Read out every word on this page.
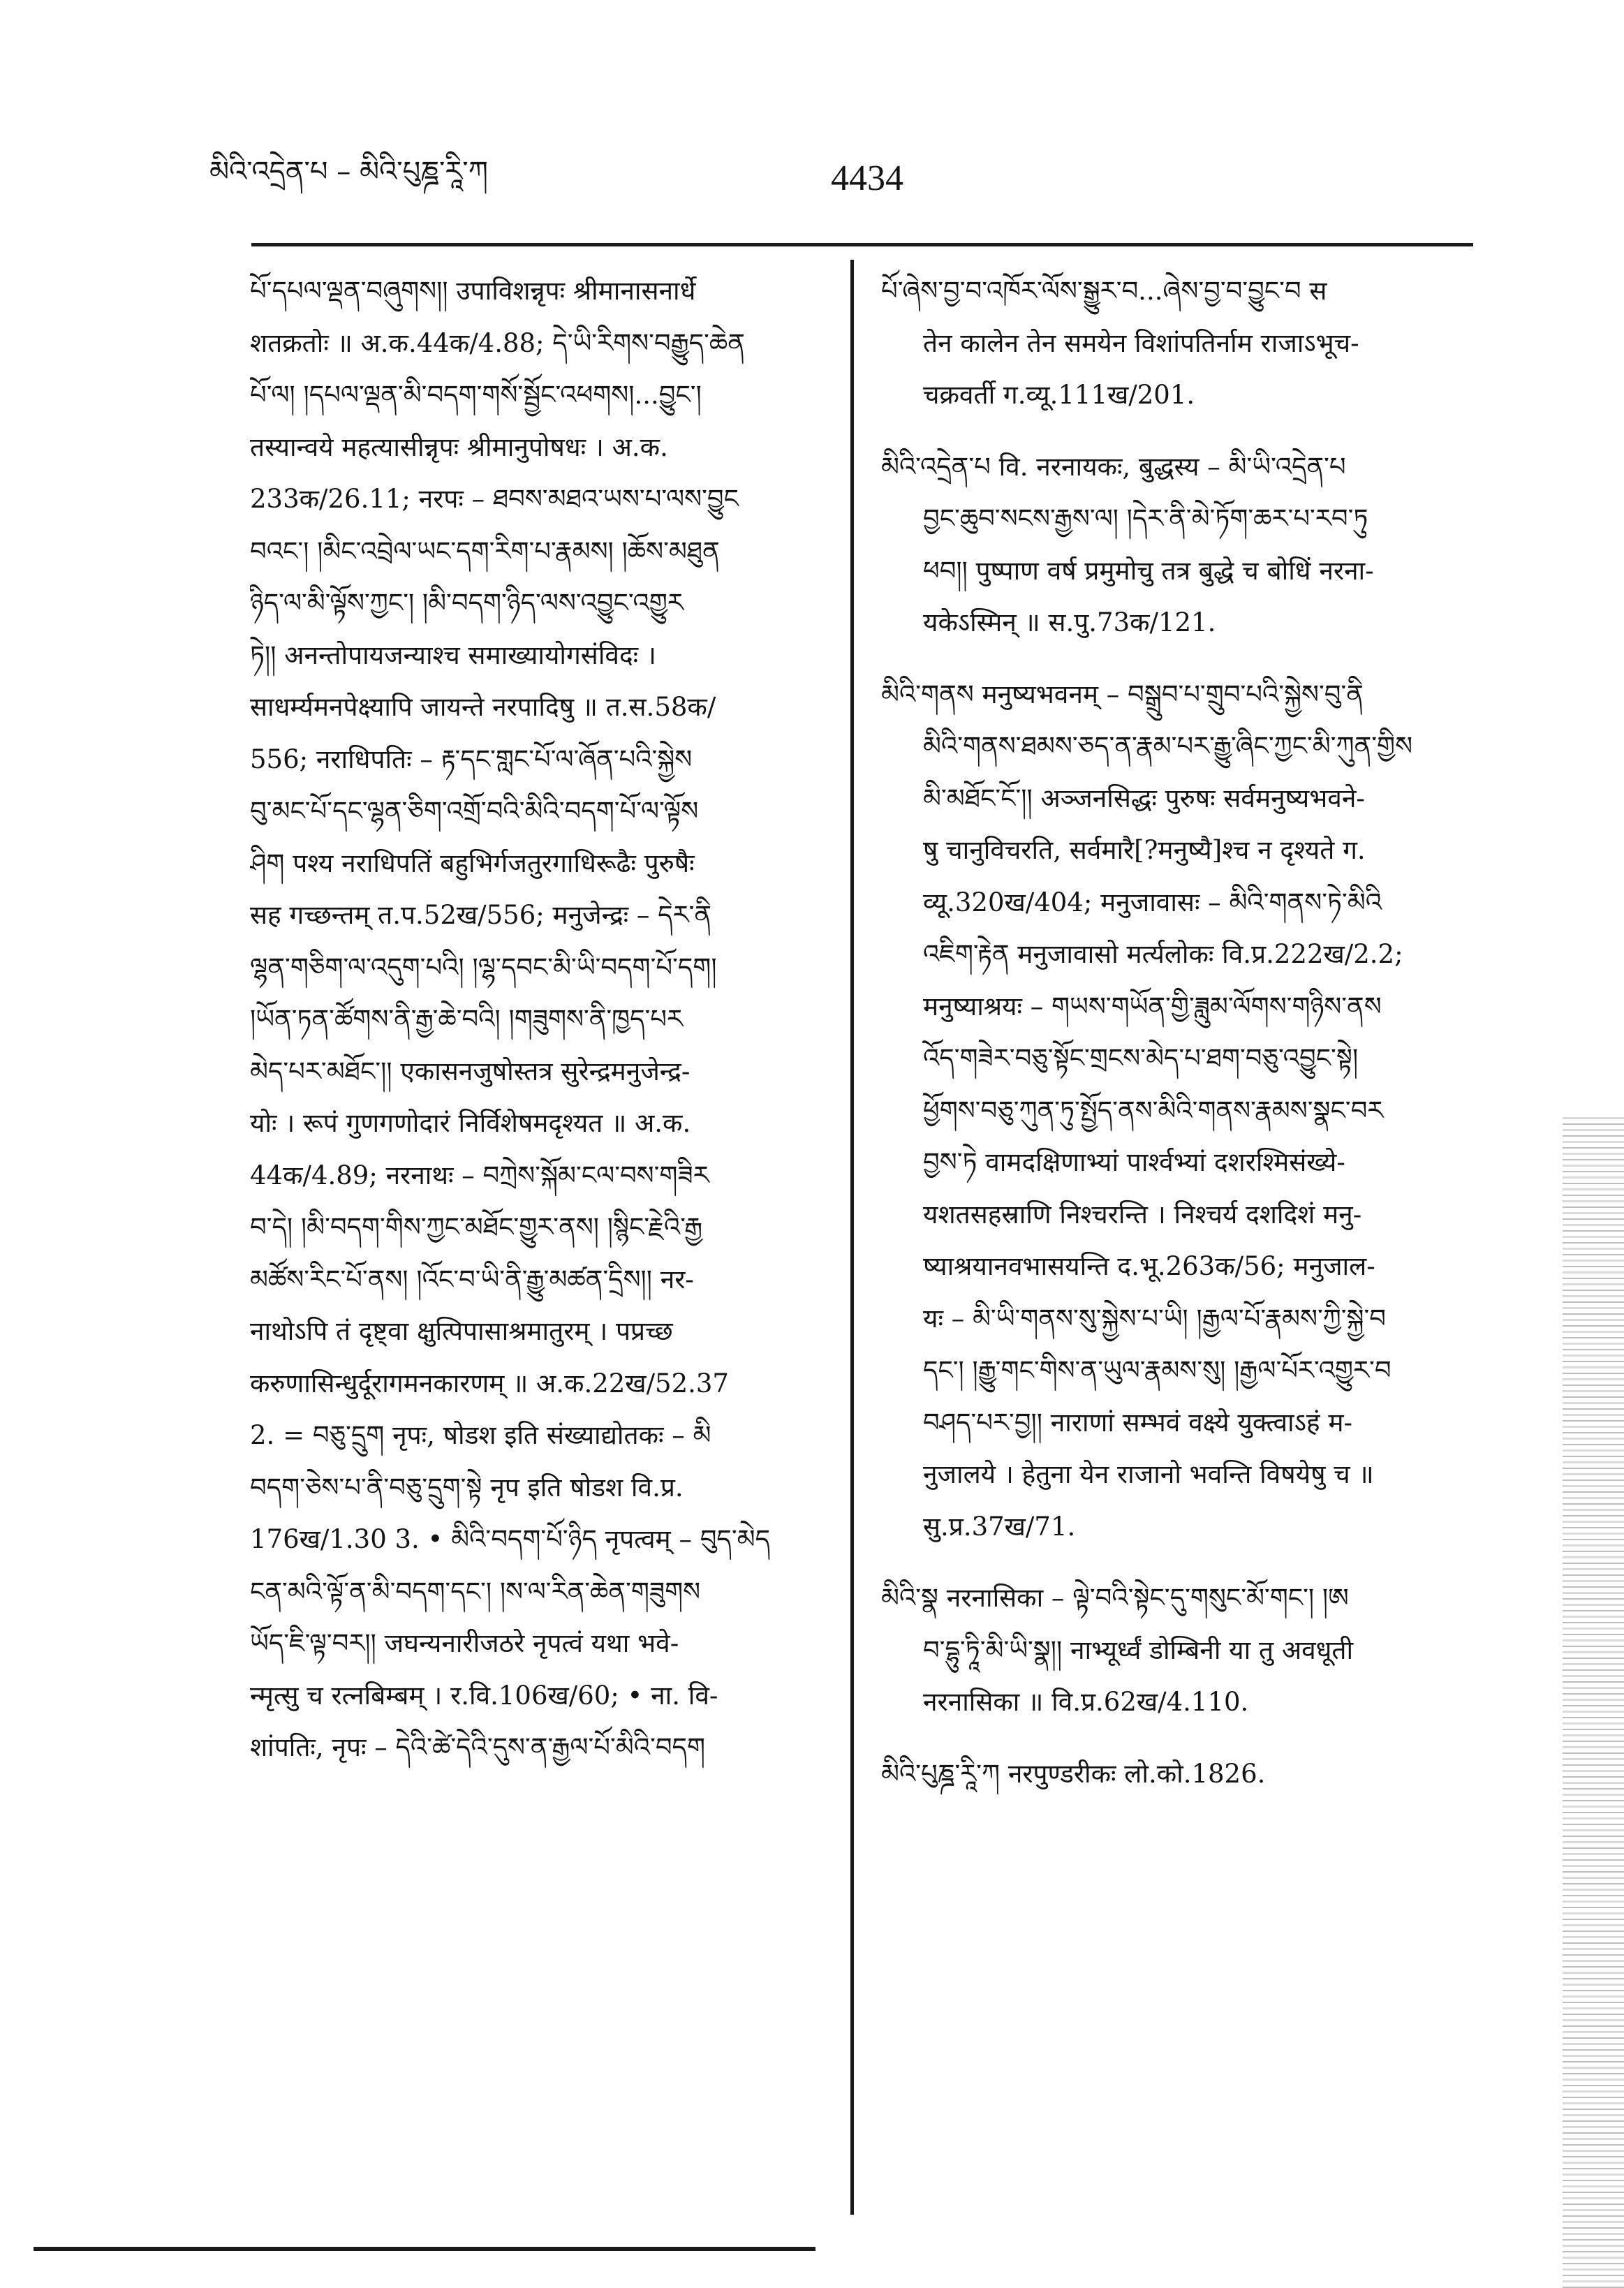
མིའི་འདྲེན་པ – མིའི་པུཎྜ་རཱི་ཀ	4434
པོ་དཔལ་ལྡན་བཞུགས།། उपाविशन्नृपः श्रीमानासनार्धे
शतक्रतोः ॥ अ.क.44क/4.88; དེ་ཡི་རིགས་བརྒྱུད་ཆེན
པོ་ལ། །དཔལ་ལྡན་མི་བདག་གསོ་སྦྱོང་འཕགས།...བྱུང་།
तस्यान्वये महत्यासीन्नृपः श्रीमानुपोषधः । अ.क.
233क/26.11; नरपः – ཐབས་མཐའ་ཡས་པ་ལས་བྱུང
བའང་། །མིང་འབྲེལ་ཡང་དག་རིག་པ་རྣམས། །ཆོས་མཐུན
ཉིད་ལ་མི་ལྟོས་ཀྱང་། །མི་བདག་ཉིད་ལས་འབྱུང་འགྱུར
ཏེ།། अनन्तोपायजन्याश्च समाख्यायोगसंविदः ।
साधर्म्यमनपेक्ष्यापि जायन्ते नरपादिषु ॥ त.स.58क/
556; नराधिपतिः – རྟ་དང་གླང་པོ་ལ་ཞོན་པའི་སྐྱེས
བུ་མང་པོ་དང་ལྷན་ཅིག་འགྲོ་བའི་མིའི་བདག་པོ་ལ་ལྟོས
ཤིག पश्य नराधिपतिं बहुभिर्गजतुरगाधिरूढैः पुरुषैः
सह गच्छन्तम् त.प.52ख/556; मनुजेन्द्रः – དེར་ནི
ལྷན་གཅིག་ལ་འདུག་པའི། །ལྷ་དབང་མི་ཡི་བདག་པོ་དག།
།ཡོན་ཏན་ཚོགས་ནི་རྒྱ་ཆེ་བའི། །གཟུགས་ནི་ཁྱད་པར
མེད་པར་མཐོང་།། एकासनजुषोस्तत्र सुरेन्द्रमनुजेन्द्र-
योः । रूपं गुणगणोदारं निर्विशेषमदृश्यत ॥ अ.क.
44क/4.89; नरनाथः – བཀྲེས་སྐོམ་ངལ་བས་གཟིར
བ་དེ། །མི་བདག་གིས་ཀྱང་མཐོང་གྱུར་ནས། །སྙིང་རྗེའི་རྒྱ
མཚོས་རིང་པོ་ནས། །འོང་བ་ཡི་ནི་རྒྱུ་མཚན་དྲིས།། नर-
नाथोऽपि तं दृष्ट्वा क्षुत्पिपासाश्रमातुरम् । पप्रच्छ
करुणासिन्धुर्दूरागमनकारणम् ॥ अ.क.22ख/52.37
2. = བཅུ་དྲུག नृपः, षोडश इति संख्याद्योतकः – མི
བདག་ཅེས་པ་ནི་བཅུ་དྲུག་སྟེ नृप इति षोडश वि.प्र.
176ख/1.30 3. • མིའི་བདག་པོ་ཉིད नृपत्वम् – བུད་མེད
ངན་མའི་ལྟོ་ན་མི་བདག་དང་། །ས་ལ་རིན་ཆེན་གཟུགས
ཡོད་ཇི་ལྟ་བར།། जघन्यनारीजठरे नृपत्वं यथा भवे-
न्मृत्सु च रत्नबिम्बम् । र.वि.106ख/60; • ना. वि-
शांपतिः, नृपः – དེའི་ཚེ་དེའི་དུས་ན་རྒྱལ་པོ་མིའི་བདག

པོ་ཞེས་བྱ་བ་འཁོར་ལོས་སྒྱུར་བ...ཞེས་བྱ་བ་བྱུང་བ स
तेन कालेन तेन समयेन विशांपतिर्नाम राजाऽभूच-
चक्रवर्ती ग.व्यू.111ख/201.

མིའི་འདྲེན་པ वि. नरनायकः, बुद्धस्य – མི་ཡི་འདྲེན་པ
བྱང་ཆུབ་སངས་རྒྱས་ལ། །དེར་ནི་མེ་ཏོག་ཆར་པ་རབ་ཏུ
ཕབ།། पुष्पाण वर्ष प्रमुमोचु तत्र बुद्धे च बोधिं नरना-
यकेऽस्मिन् ॥ स.पु.73क/121.

མིའི་གནས मनुष्यभवनम् – བསྒྲུབ་པ་གྲུབ་པའི་སྐྱེས་བུ་ནི
མིའི་གནས་ཐམས་ཅད་ན་རྣམ་པར་རྒྱུ་ཞིང་ཀྱང་མི་ཀུན་གྱིས
མི་མཐོང་ངོ་།། अञ्जनसिद्धः पुरुषः सर्वमनुष्यभवने-
षु चानुविचरति, सर्वमारै[?मनुष्यै]श्च न दृश्यते ग.
व्यू.320ख/404; मनुजावासः – མིའི་གནས་ཏེ་མིའི
འཇིག་རྟེན मनुजावासो मर्त्यलोकः वि.प्र.222ख/2.2;
मनुष्याश्रयः – གཡས་གཡོན་གྱི་ཟླུམ་ལོགས་གཉིས་ནས
འོད་གཟེར་བཅུ་སྟོང་གྲངས་མེད་པ་ཐག་བཅུ་འབྱུང་སྟེ།
ཕྱོགས་བཅུ་ཀུན་ཏུ་སྤྱོད་ནས་མིའི་གནས་རྣམས་སྣང་བར
བྱས་ཏེ वामदक्षिणाभ्यां पार्श्वभ्यां दशरश्मिसंख्ये-
यशतसहस्राणि निश्चरन्ति । निश्चर्य दशदिशं मनु-
ष्याश्रयानवभासयन्ति द.भू.263क/56; मनुजाल-
यः – མི་ཡི་གནས་སུ་སྐྱེས་པ་ཡི། །རྒྱལ་པོ་རྣམས་ཀྱི་སྐྱེ་བ
དང་། །རྒྱུ་གང་གིས་ན་ཡུལ་རྣམས་སུ། །རྒྱལ་པོར་འགྱུར་བ
བཤད་པར་བྱ།། नाराणां सम्भवं वक्ष्ये युक्त्वाऽहं म-
नुजालये । हेतुना येन राजानो भवन्ति विषयेषु च ॥
सु.प्र.37ख/71.

མིའི་སྣ नरनासिका – ལྟེ་བའི་སྟེང་དུ་གསུང་མོ་གང་། །ཨ
བ་དྷུ་ཏཱི་མི་ཡི་སྣ།། नाभ्यूर्ध्वं डोम्बिनी या तु अवधूती
नरनासिका ॥ वि.प्र.62ख/4.110.

མིའི་པུཎྜ་རཱི་ཀ नरपुण्डरीकः लो.को.1826.
